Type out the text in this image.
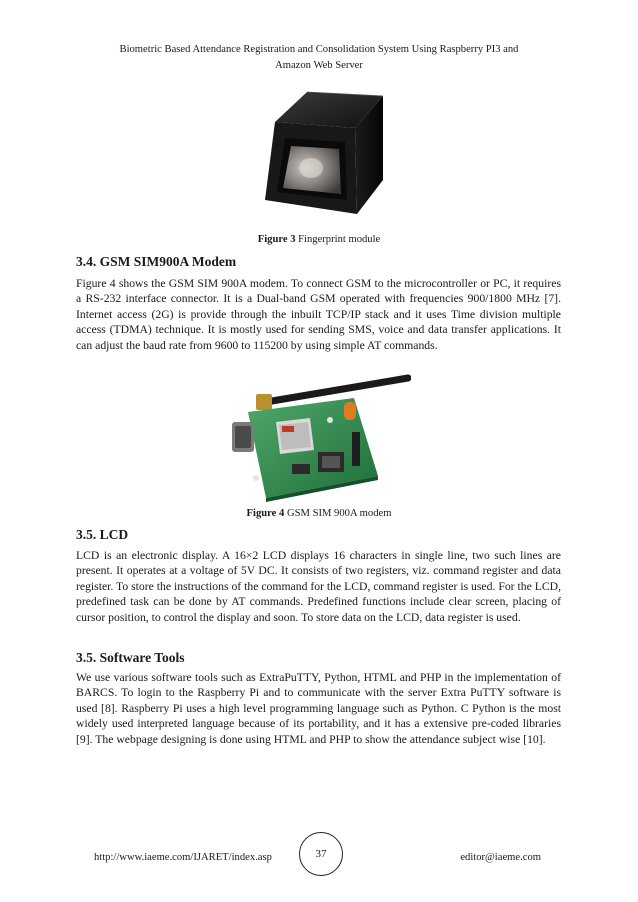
Biometric Based Attendance Registration and Consolidation System Using Raspberry PI3 and
Amazon Web Server
Figure 3 Fingerprint module
3.4. GSM SIM900A Modem

Figure 4 shows the GSM SIM 900A modem. To connect GSM to the microcontroller or PC, it requires a RS-232 interface connector. It is a Dual-band GSM operated with frequencies 900/1800 MHz [7]. Internet access (2G) is provide through the inbuilt TCP/IP stack and it uses Time division multiple access (TDMA) technique. It is mostly used for sending SMS, voice and data transfer applications. It can adjust the baud rate from 9600 to 115200 by using simple AT commands.

Figure 4 GSM SIM 900A modem
3.5. LCD

LCD is an electronic display. A 16×2 LCD displays 16 characters in single line, two such lines are present. It operates at a voltage of 5V DC. It consists of two registers, viz. command register and data register. To store the instructions of the command for the LCD, command register is used. For the LCD, predefined task can be done by AT commands. Predefined functions include clear screen, placing of cursor position, to control the display and soon. To store data on the LCD, data register is used.

3.5. Software Tools

We use various software tools such as ExtraPuTTY, Python, HTML and PHP in the implementation of BARCS. To login to the Raspberry Pi and to communicate with the server Extra PuTTY software is used [8]. Raspberry Pi uses a high level programming language such as Python. C Python is the most widely used interpreted language because of its portability, and it has a extensive pre-coded libraries [9]. The webpage designing is done using HTML and PHP to show the attendance subject wise [10].

http://www.iaeme.com/IJARET/index.asp	37	editor@iaeme.com
